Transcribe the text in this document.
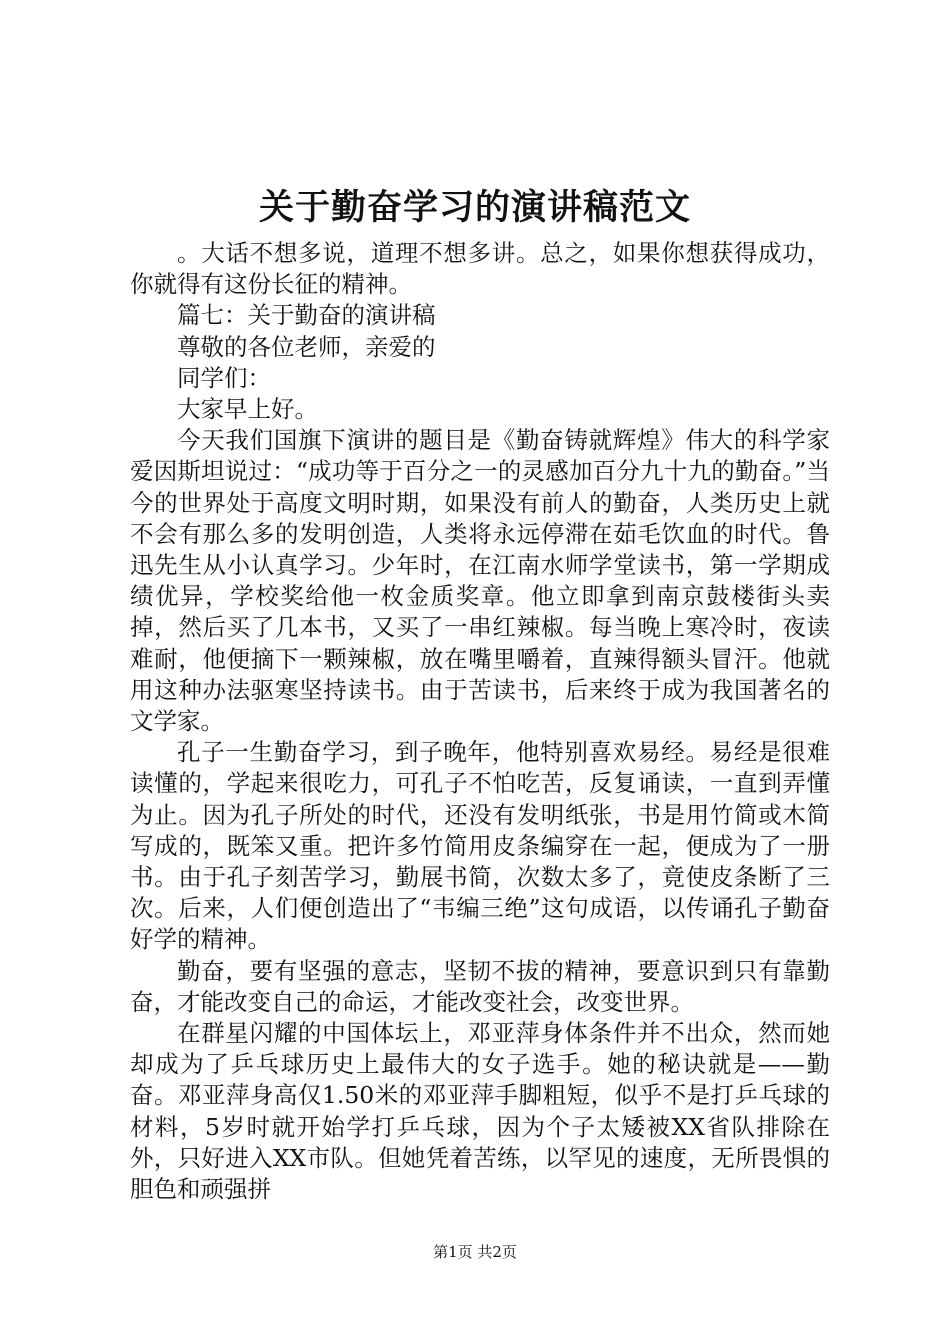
关于勤奋学习的演讲稿范文

。大话不想多说，道理不想多讲。总之，如果你想获得成功，你就得有这份长征的精神。

篇七：关于勤奋的演讲稿

尊敬的各位老师，亲爱的

同学们：

大家早上好。

今天我们国旗下演讲的题目是《勤奋铸就辉煌》伟大的科学家爱因斯坦说过：“成功等于百分之一的灵感加百分九十九的勤奋。”当今的世界处于高度文明时期，如果没有前人的勤奋，人类历史上就不会有那么多的发明创造，人类将永远停滞在茹毛饮血的时代。鲁迅先生从小认真学习。少年时，在江南水师学堂读书，第一学期成绩优异，学校奖给他一枚金质奖章。他立即拿到南京鼓楼街头卖掉，然后买了几本书，又买了一串红辣椒。每当晚上寒冷时，夜读难耐，他便摘下一颗辣椒，放在嘴里嚼着，直辣得额头冒汗。他就用这种办法驱寒坚持读书。由于苦读书，后来终于成为我国著名的文学家。

孔子一生勤奋学习，到子晚年，他特别喜欢易经。易经是很难读懂的，学起来很吃力，可孔子不怕吃苦，反复诵读，一直到弄懂为止。因为孔子所处的时代，还没有发明纸张，书是用竹简或木简写成的，既笨又重。把许多竹简用皮条编穿在一起，便成为了一册书。由于孔子刻苦学习，勤展书简，次数太多了，竟使皮条断了三次。后来，人们便创造出了“韦编三绝”这句成语，以传诵孔子勤奋好学的精神。

勤奋，要有坚强的意志，坚韧不拔的精神，要意识到只有靠勤奋，才能改变自己的命运，才能改变社会，改变世界。

在群星闪耀的中国体坛上，邓亚萍身体条件并不出众，然而她却成为了乒乓球历史上最伟大的女子选手。她的秘诀就是——勤奋。邓亚萍身高仅1.50米的邓亚萍手脚粗短，似乎不是打乒乓球的材料，5岁时就开始学打乒乓球，因为个子太矮被XX省队排除在外，只好进入XX市队。但她凭着苦练，以罕见的速度，无所畏惧的胆色和顽强拼

第1页 共2页
